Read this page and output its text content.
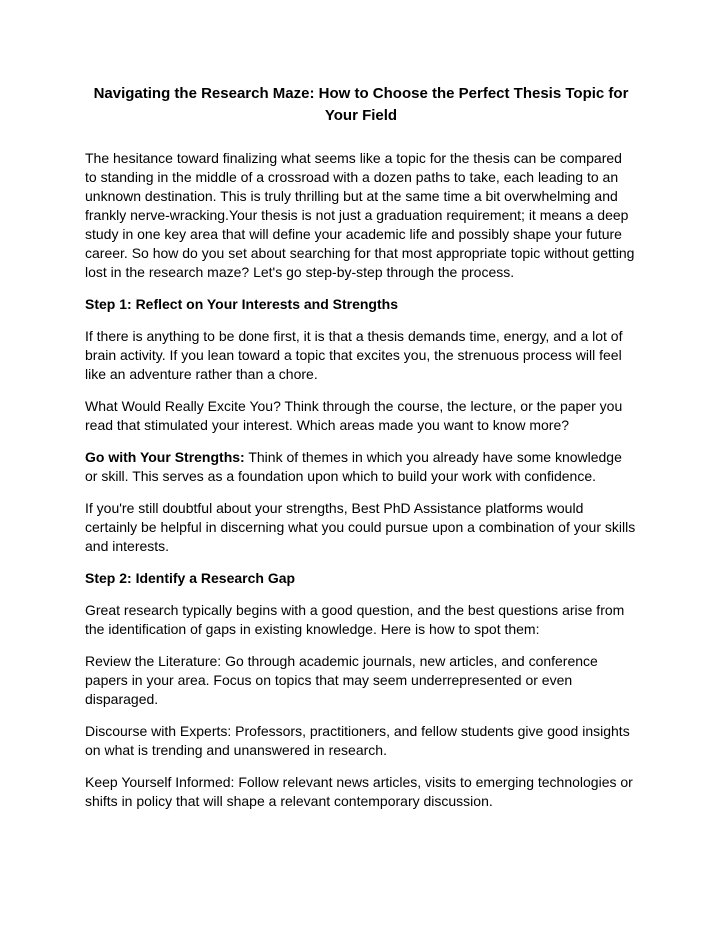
Navigating the Research Maze: How to Choose the Perfect Thesis Topic for Your Field

The hesitance toward finalizing what seems like a topic for the thesis can be compared to standing in the middle of a crossroad with a dozen paths to take, each leading to an unknown destination. This is truly thrilling but at the same time a bit overwhelming and frankly nerve-wracking.Your thesis is not just a graduation requirement; it means a deep study in one key area that will define your academic life and possibly shape your future career. So how do you set about searching for that most appropriate topic without getting lost in the research maze? Let's go step-by-step through the process.

Step 1: Reflect on Your Interests and Strengths

If there is anything to be done first, it is that a thesis demands time, energy, and a lot of brain activity. If you lean toward a topic that excites you, the strenuous process will feel like an adventure rather than a chore.

What Would Really Excite You? Think through the course, the lecture, or the paper you read that stimulated your interest. Which areas made you want to know more?

Go with Your Strengths: Think of themes in which you already have some knowledge or skill. This serves as a foundation upon which to build your work with confidence.

If you're still doubtful about your strengths, Best PhD Assistance platforms would certainly be helpful in discerning what you could pursue upon a combination of your skills and interests.

Step 2: Identify a Research Gap

Great research typically begins with a good question, and the best questions arise from the identification of gaps in existing knowledge. Here is how to spot them:

Review the Literature: Go through academic journals, new articles, and conference papers in your area. Focus on topics that may seem underrepresented or even disparaged.

Discourse with Experts: Professors, practitioners, and fellow students give good insights on what is trending and unanswered in research.

Keep Yourself Informed: Follow relevant news articles, visits to emerging technologies or shifts in policy that will shape a relevant contemporary discussion.
